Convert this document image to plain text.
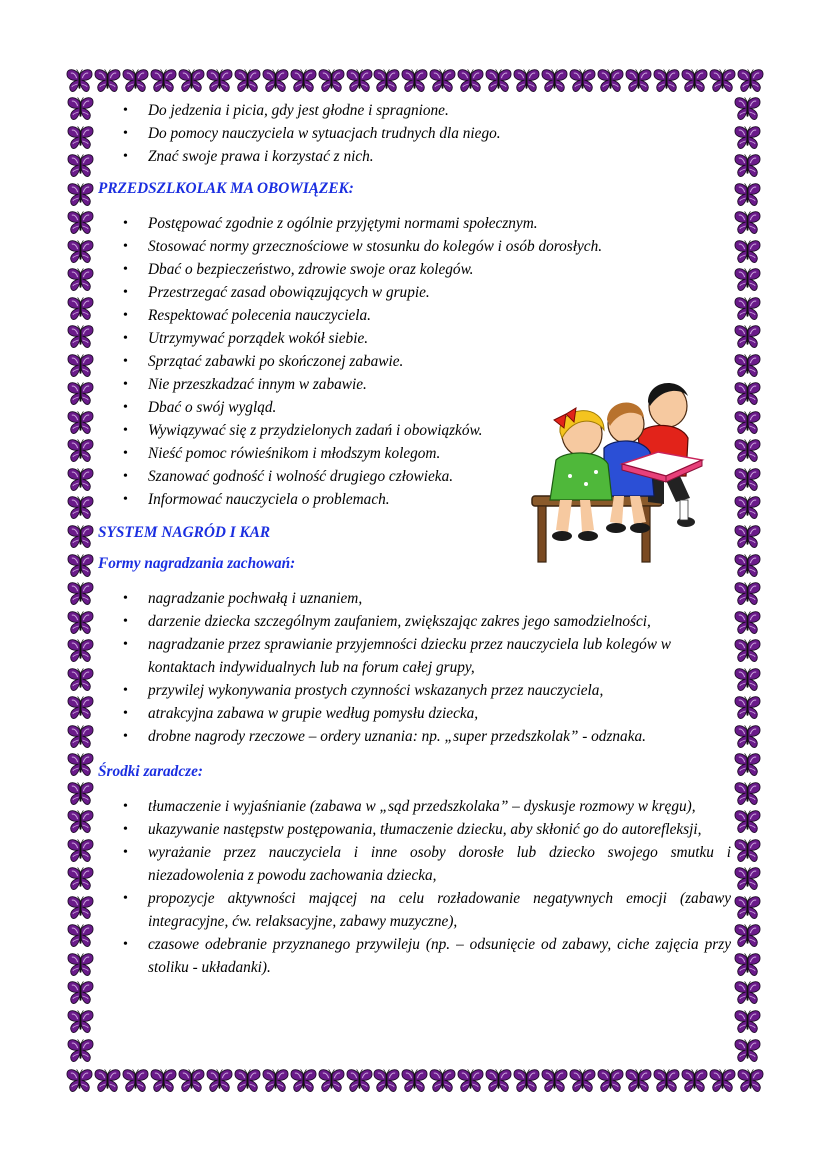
• Do jedzenia i picia, gdy jest głodne i spragnione.
• Do pomocy nauczyciela w sytuacjach trudnych dla niego.
• Znać swoje prawa i korzystać z nich.
PRZEDSZLKOLAK MA OBOWIĄZEK:
• Postępować zgodnie z ogólnie przyjętymi normami społecznym.
• Stosować normy grzecznościowe w stosunku do kolegów i osób dorosłych.
• Dbać o bezpieczeństwo, zdrowie swoje oraz kolegów.
• Przestrzegać zasad obowiązujących w grupie.
• Respektować polecenia nauczyciela.
• Utrzymywać porządek wokół siebie.
• Sprzątać zabawki po skończonej zabawie.
• Nie przeszkadzać innym w zabawie.
• Dbać o swój wygląd.
• Wywiązywać się z przydzielonych zadań i obowiązków.
• Nieść pomoc rówieśnikom i młodszym kolegom.
• Szanować godność i wolność drugiego człowieka.
• Informować nauczyciela o problemach.
SYSTEM NAGRÓD I KAR
Formy nagradzania zachowań:
• nagradzanie pochwałą i uznaniem,
• darzenie dziecka szczególnym zaufaniem, zwiększając zakres jego samodzielności,
• nagradzanie przez sprawianie przyjemności dziecku przez nauczyciela lub kolegów w kontaktach indywidualnych lub na forum całej grupy,
• przywilej wykonywania prostych czynności wskazanych przez nauczyciela,
• atrakcyjna zabawa w grupie według pomysłu dziecka,
• drobne nagrody rzeczowe – ordery uznania: np. „super przedszkolak” - odznaka.
Środki zaradcze:
• tłumaczenie i wyjaśnianie (zabawa w „sąd przedszkolaka” – dyskusje rozmowy w kręgu),
• ukazywanie następstw postępowania, tłumaczenie dziecku, aby skłonić go do autorefleksji,
• wyrażanie przez nauczyciela i inne osoby dorosłe lub dziecko swojego smutku i niezadowolenia z powodu zachowania dziecka,
• propozycje aktywności mającej na celu rozładowanie negatywnych emocji (zabawy integracyjne, ćw. relaksacyjne, zabawy muzyczne),
• czasowe odebranie przyznanego przywileju (np. – odsunięcie od zabawy, ciche zajęcia przy stoliku - układanki).
